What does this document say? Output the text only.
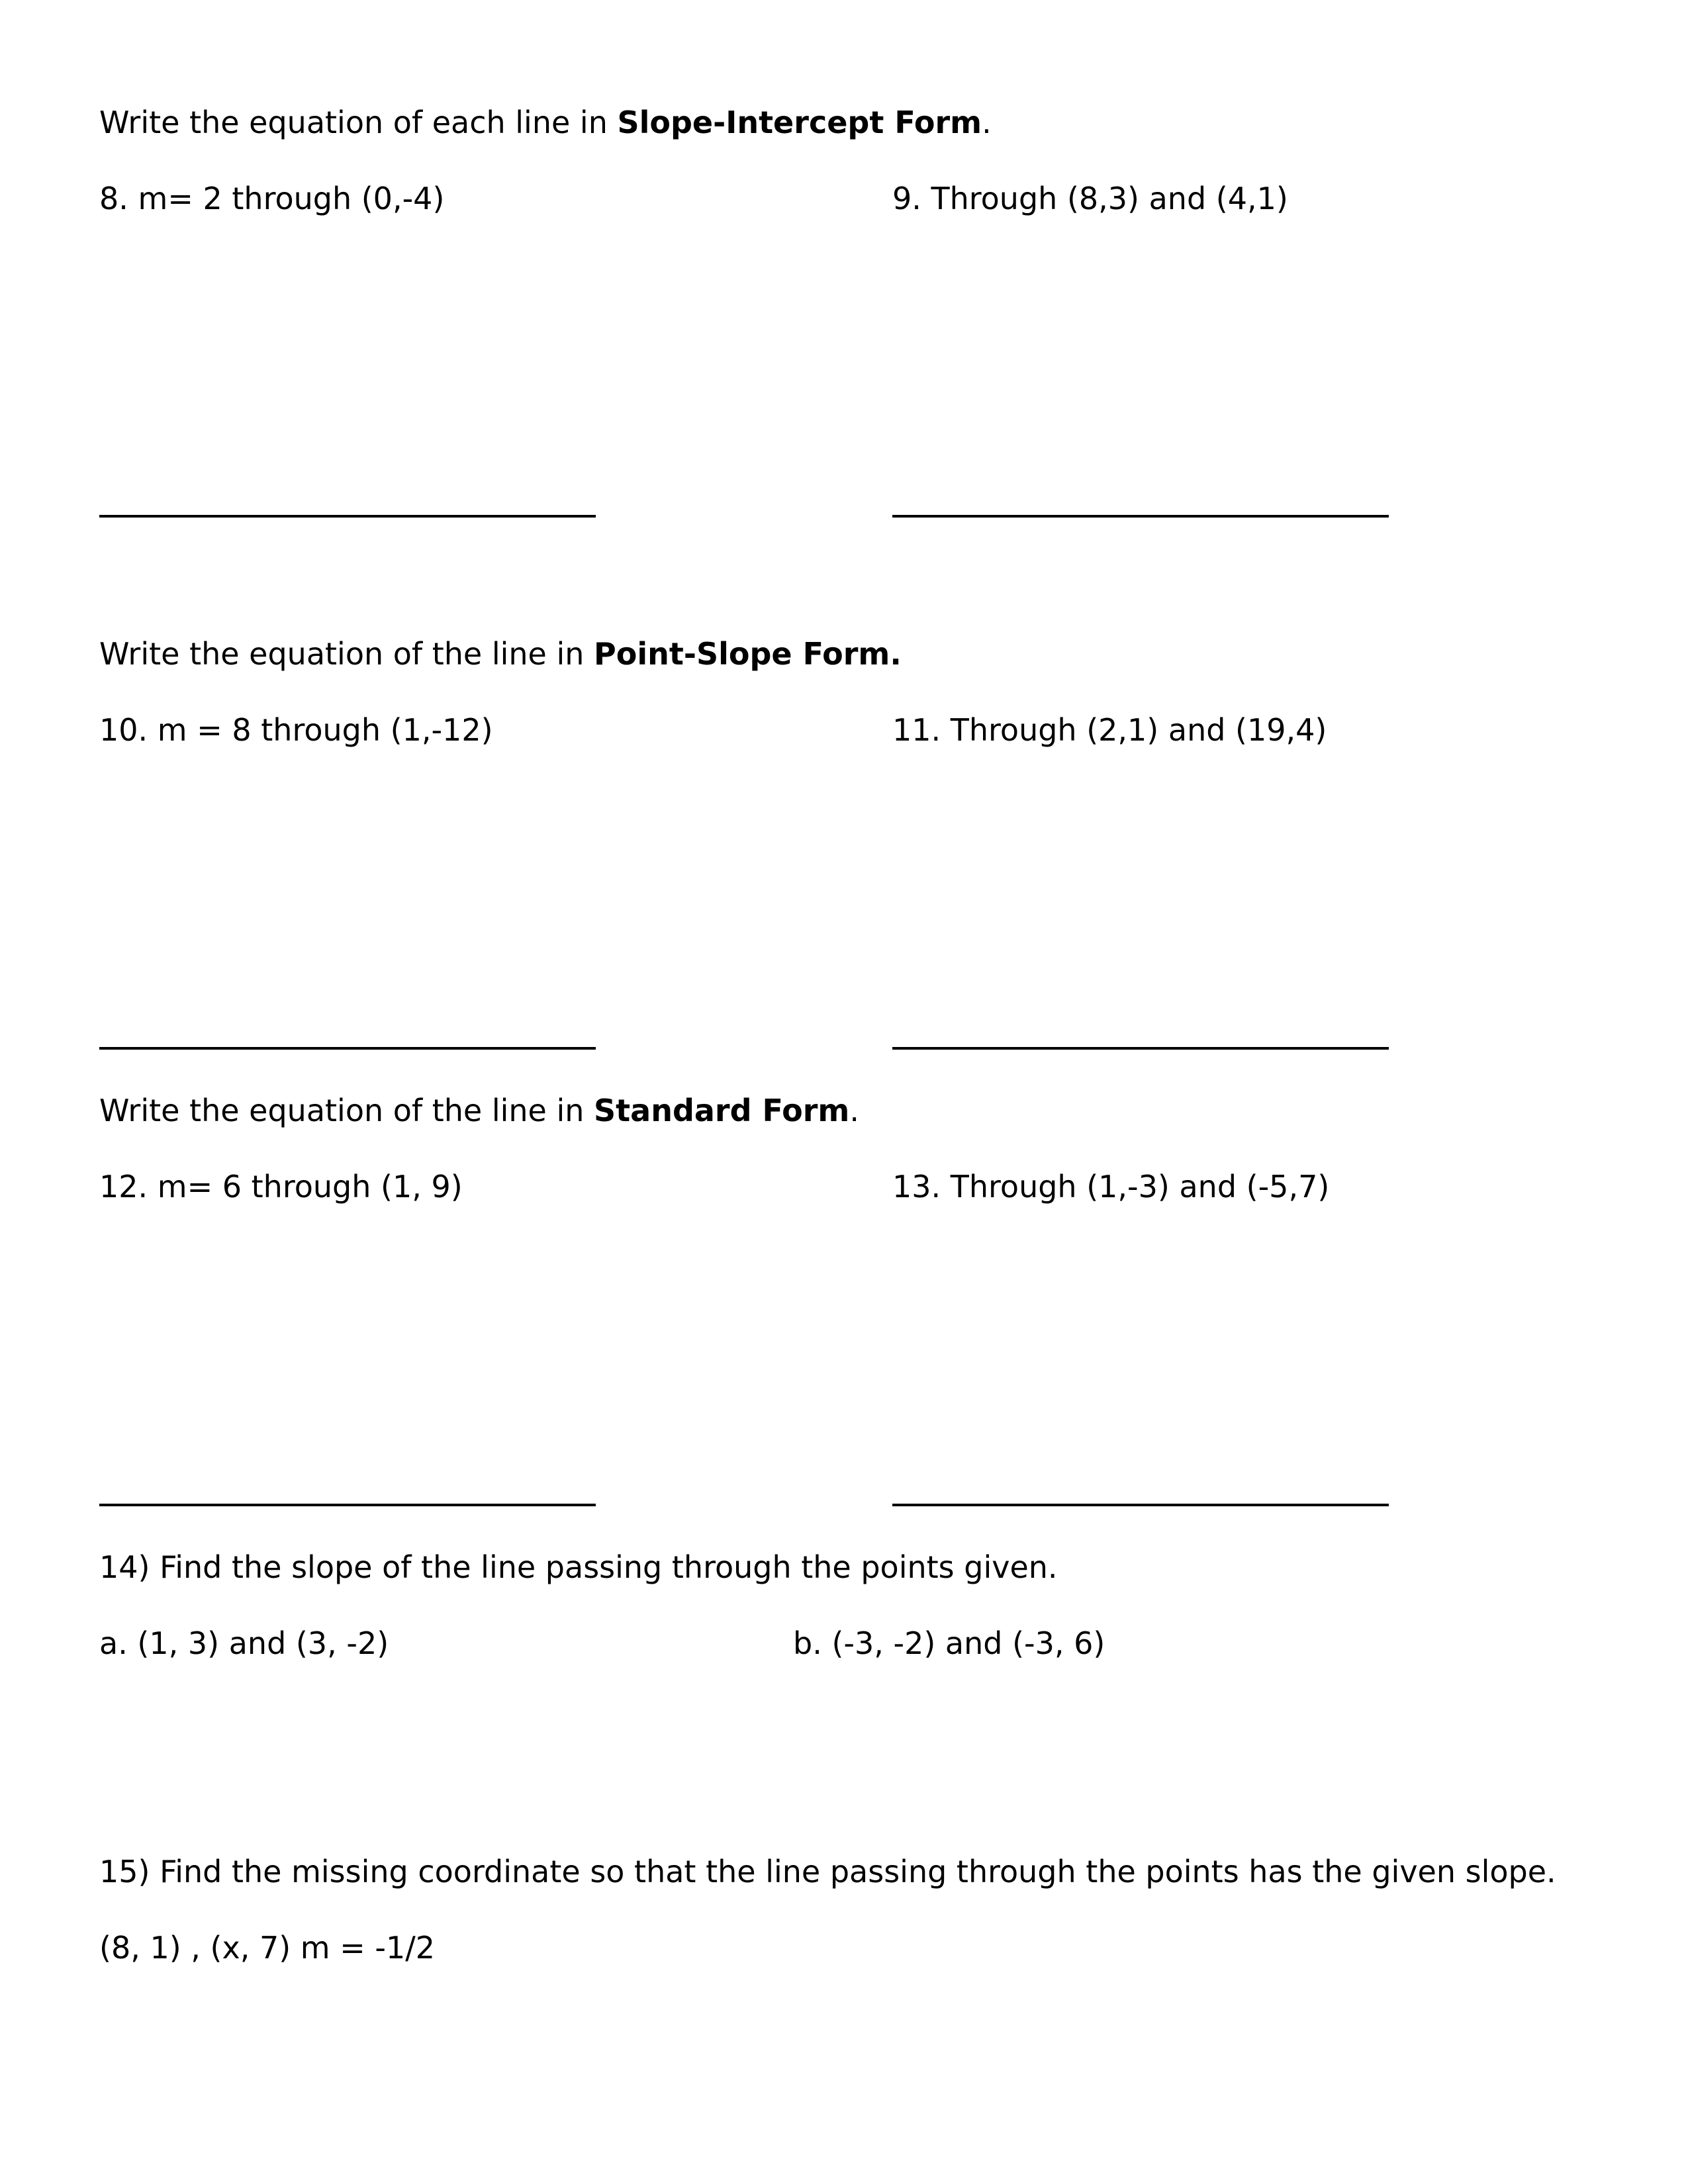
Write the equation of each line in Slope-Intercept Form.

8. m= 2 through (0,-4)	9. Through (8,3) and (4,1)

Write the equation of the line in Point-Slope Form.

10. m = 8 through (1,-12)	11. Through (2,1) and (19,4)

Write the equation of the line in Standard Form.

12. m= 6 through (1, 9)	13. Through (1,-3) and (-5,7)

14) Find the slope of the line passing through the points given.

a. (1, 3) and (3, -2)	b. (-3, -2) and (-3, 6)

15) Find the missing coordinate so that the line passing through the points has the given slope.

(8, 1) , (x, 7) m = -1/2
